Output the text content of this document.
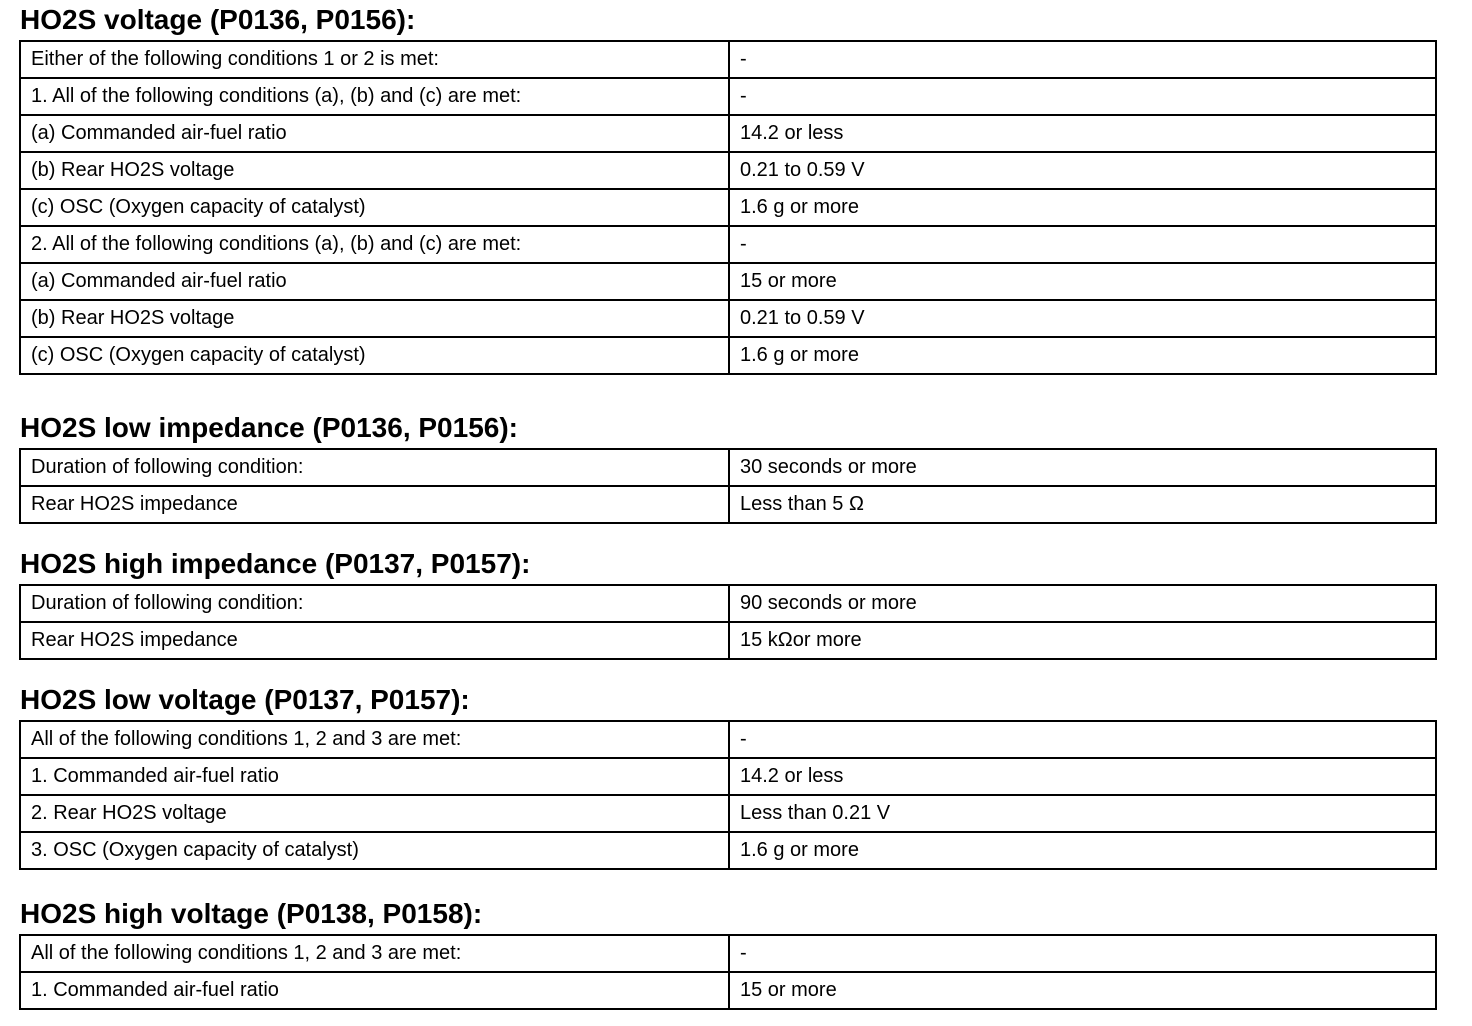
HO2S voltage (P0136, P0156):
Either of the following conditions 1 or 2 is met:	-
1. All of the following conditions (a), (b) and (c) are met:	-
(a) Commanded air-fuel ratio	14.2 or less
(b) Rear HO2S voltage	0.21 to 0.59 V
(c) OSC (Oxygen capacity of catalyst)	1.6 g or more
2. All of the following conditions (a), (b) and (c) are met:	-
(a) Commanded air-fuel ratio	15 or more
(b) Rear HO2S voltage	0.21 to 0.59 V
(c) OSC (Oxygen capacity of catalyst)	1.6 g or more
HO2S low impedance (P0136, P0156):
Duration of following condition:	30 seconds or more
Rear HO2S impedance	Less than 5 Ω
HO2S high impedance (P0137, P0157):
Duration of following condition:	90 seconds or more
Rear HO2S impedance	15 kΩor more
HO2S low voltage (P0137, P0157):
All of the following conditions 1, 2 and 3 are met:	-
1. Commanded air-fuel ratio	14.2 or less
2. Rear HO2S voltage	Less than 0.21 V
3. OSC (Oxygen capacity of catalyst)	1.6 g or more
HO2S high voltage (P0138, P0158):
All of the following conditions 1, 2 and 3 are met:	-
1. Commanded air-fuel ratio	15 or more
